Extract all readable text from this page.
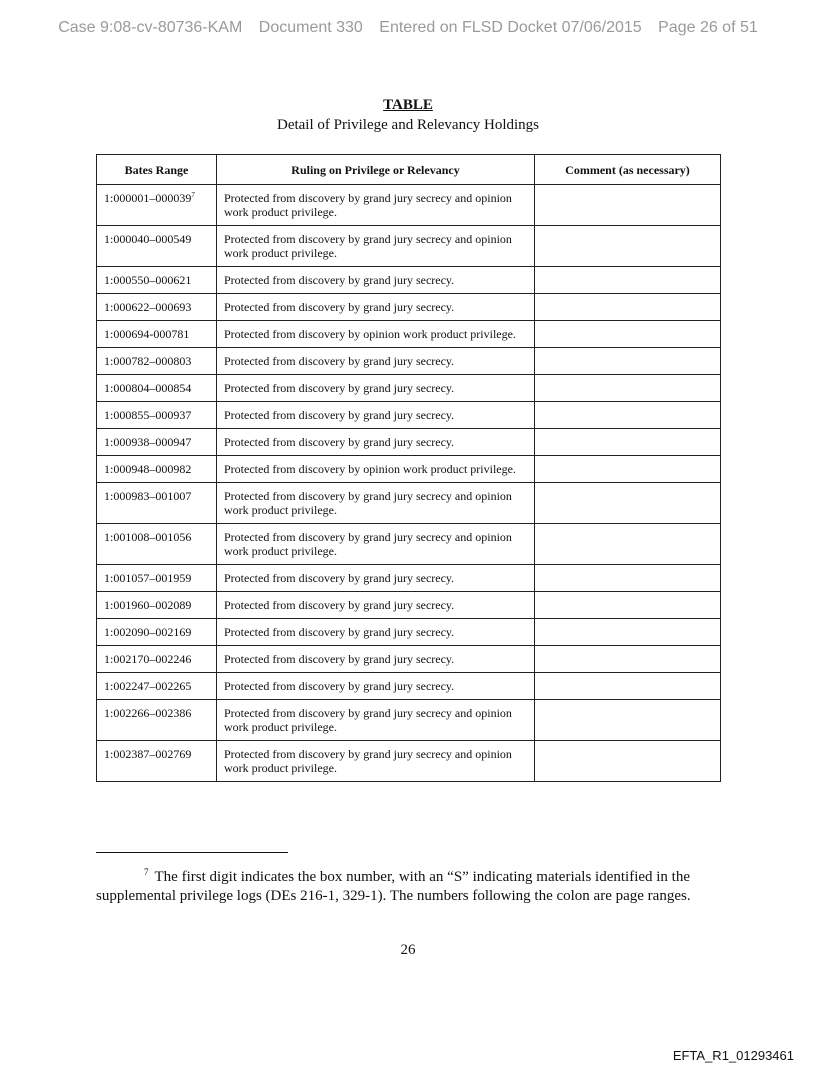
Case 9:08-cv-80736-KAM Document 330 Entered on FLSD Docket 07/06/2015 Page 26 of 51
TABLE
Detail of Privilege and Relevancy Holdings
Bates Range	Ruling on Privilege or Relevancy	Comment (as necessary)
1:000001–000039$^7$	Protected from discovery by grand jury secrecy and opinion work product privilege.	
1:000040–000549	Protected from discovery by grand jury secrecy and opinion work product privilege.	
1:000550–000621	Protected from discovery by grand jury secrecy.	
1:000622–000693	Protected from discovery by grand jury secrecy.	
1:000694-000781	Protected from discovery by opinion work product privilege.	
1:000782–000803	Protected from discovery by grand jury secrecy.	
1:000804–000854	Protected from discovery by grand jury secrecy.	
1:000855–000937	Protected from discovery by grand jury secrecy.	
1:000938–000947	Protected from discovery by grand jury secrecy.	
1:000948–000982	Protected from discovery by opinion work product privilege.	
1:000983–001007	Protected from discovery by grand jury secrecy and opinion work product privilege.	
1:001008–001056	Protected from discovery by grand jury secrecy and opinion work product privilege.	
1:001057–001959	Protected from discovery by grand jury secrecy.	
1:001960–002089	Protected from discovery by grand jury secrecy.	
1:002090–002169	Protected from discovery by grand jury secrecy.	
1:002170–002246	Protected from discovery by grand jury secrecy.	
1:002247–002265	Protected from discovery by grand jury secrecy.	
1:002266–002386	Protected from discovery by grand jury secrecy and opinion work product privilege.	
1:002387–002769	Protected from discovery by grand jury secrecy and opinion work product privilege.	
$^7$ The first digit indicates the box number, with an “S” indicating materials identified in the supplemental privilege logs (DEs 216-1, 329-1). The numbers following the colon are page ranges.
26
EFTA_R1_01293461
